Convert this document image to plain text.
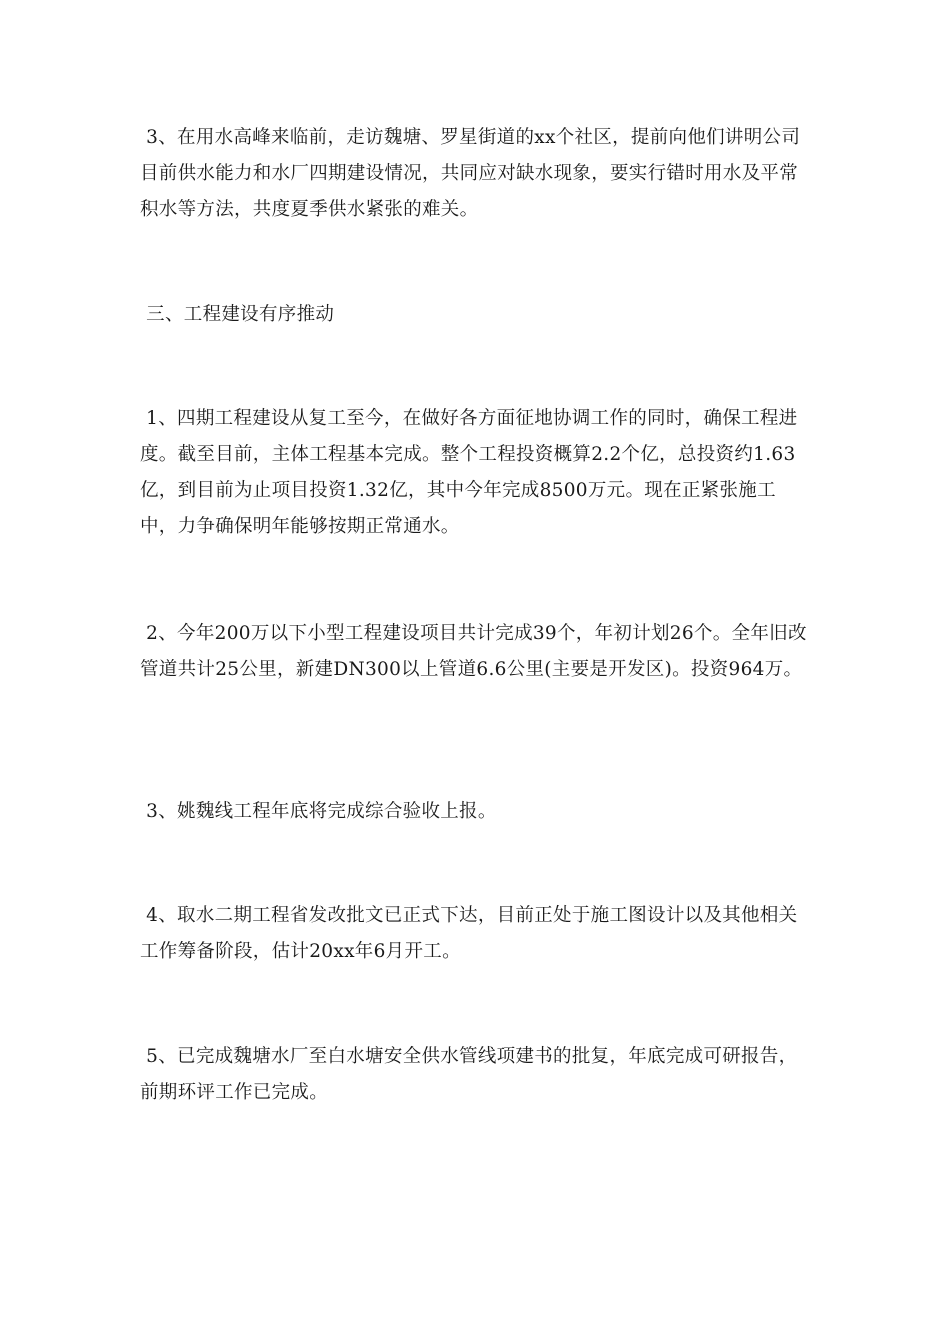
3、在用水高峰来临前，走访魏塘、罗星街道的xx个社区，提前向他们讲明公司目前供水能力和水厂四期建设情况，共同应对缺水现象，要实行错时用水及平常积水等方法，共度夏季供水紧张的难关。

三、工程建设有序推动

1、四期工程建设从复工至今，在做好各方面征地协调工作的同时，确保工程进度。截至目前，主体工程基本完成。整个工程投资概算2.2个亿，总投资约1.63亿，到目前为止项目投资1.32亿，其中今年完成8500万元。现在正紧张施工中，力争确保明年能够按期正常通水。

2、今年200万以下小型工程建设项目共计完成39个，年初计划26个。全年旧改管道共计25公里，新建DN300以上管道6.6公里(主要是开发区)。投资964万。

3、姚魏线工程年底将完成综合验收上报。

4、取水二期工程省发改批文已正式下达，目前正处于施工图设计以及其他相关工作筹备阶段，估计20xx年6月开工。

5、已完成魏塘水厂至白水塘安全供水管线项建书的批复，年底完成可研报告，前期环评工作已完成。
